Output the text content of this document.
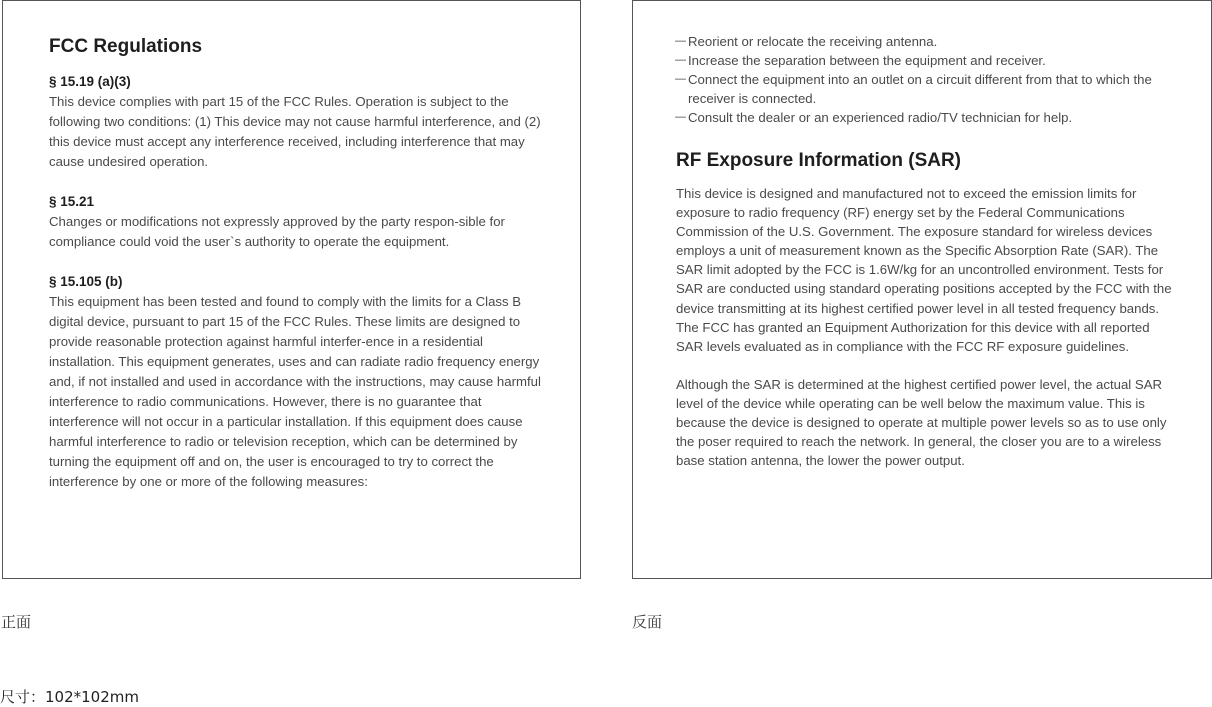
FCC Regulations
§ 15.19 (a)(3)

This device complies with part 15 of the FCC Rules. Operation is subject to the following two conditions: (1) This device may not cause harmful interference, and (2) this device must accept any interference received, including interference that may cause undesired operation.

§ 15.21

Changes or modifications not expressly approved by the party respon-sible for compliance could void the user`s authority to operate the equipment.

§ 15.105 (b)

This equipment has been tested and found to comply with the limits for a Class B digital device, pursuant to part 15 of the FCC Rules. These limits are designed to provide reasonable protection against harmful interfer-ence in a residential installation. This equipment generates, uses and can radiate radio frequency energy and, if not installed and used in accordance with the instructions, may cause harmful interference to radio communications. However, there is no guarantee that interference will not occur in a particular installation. If this equipment does cause harmful interference to radio or television reception, which can be determined by turning the equipment off and on, the user is encouraged to try to correct the interference by one or more of the following measures:

— Reorient or relocate the receiving antenna.
— Increase the separation between the equipment and receiver.
— Connect the equipment into an outlet on a circuit different from that to which the receiver is connected.
— Consult the dealer or an experienced radio/TV technician for help.
RF Exposure Information (SAR)

This device is designed and manufactured not to exceed the emission limits for exposure to radio frequency (RF) energy set by the Federal Communications Commission of the U.S. Government. The exposure standard for wireless devices employs a unit of measurement known as the Specific Absorption Rate (SAR). The SAR limit adopted by the FCC is 1.6W/kg for an uncontrolled environment. Tests for SAR are conducted using standard operating positions accepted by the FCC with the device transmitting at its highest certified power level in all tested frequency bands. The FCC has granted an Equipment Authorization for this device with all reported SAR levels evaluated as in compliance with the FCC RF exposure guidelines.

Although the SAR is determined at the highest certified power level, the actual SAR level of the device while operating can be well below the maximum value. This is because the device is designed to operate at multiple power levels so as to use only the poser required to reach the network. In general, the closer you are to a wireless base station antenna, the lower the power output.

正面	反面
尺寸：102*102mm
